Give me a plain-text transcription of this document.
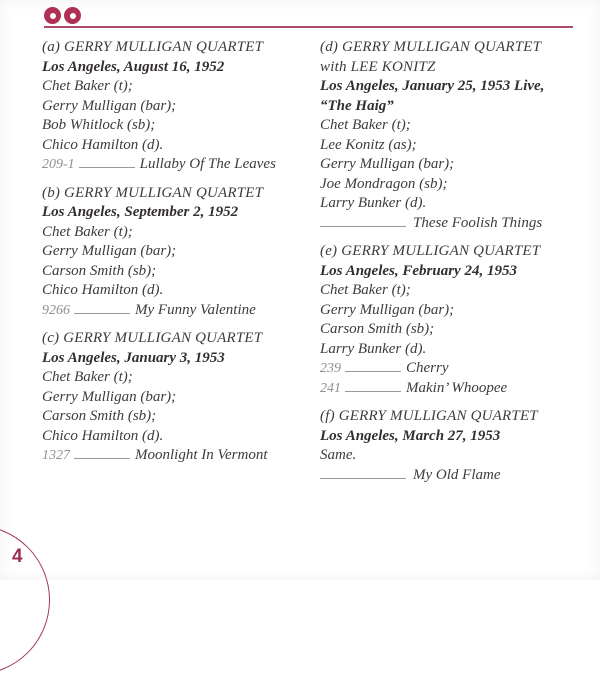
(a) GERRY MULLIGAN QUARTET
Los Angeles, August 16, 1952
Chet Baker (t);
Gerry Mulligan (bar);
Bob Whitlock (sb);
Chico Hamilton (d).
209-1	Lullaby Of The Leaves
(b) GERRY MULLIGAN QUARTET
Los Angeles, September 2, 1952
Chet Baker (t);
Gerry Mulligan (bar);
Carson Smith (sb);
Chico Hamilton (d).
9266	My Funny Valentine
(c) GERRY MULLIGAN QUARTET
Los Angeles, January 3, 1953
Chet Baker (t);
Gerry Mulligan (bar);
Carson Smith (sb);
Chico Hamilton (d).
1327	Moonlight In Vermont
(d) GERRY MULLIGAN QUARTET
with LEE KONITZ
Los Angeles, January 25, 1953 Live,
“The Haig”
Chet Baker (t);
Lee Konitz (as);
Gerry Mulligan (bar);
Joe Mondragon (sb);
Larry Bunker (d).
These Foolish Things
(e) GERRY MULLIGAN QUARTET
Los Angeles, February 24, 1953
Chet Baker (t);
Gerry Mulligan (bar);
Carson Smith (sb);
Larry Bunker (d).
239	Cherry
241	Makin’ Whoopee
(f) GERRY MULLIGAN QUARTET
Los Angeles, March 27, 1953
Same.
My Old Flame
4
